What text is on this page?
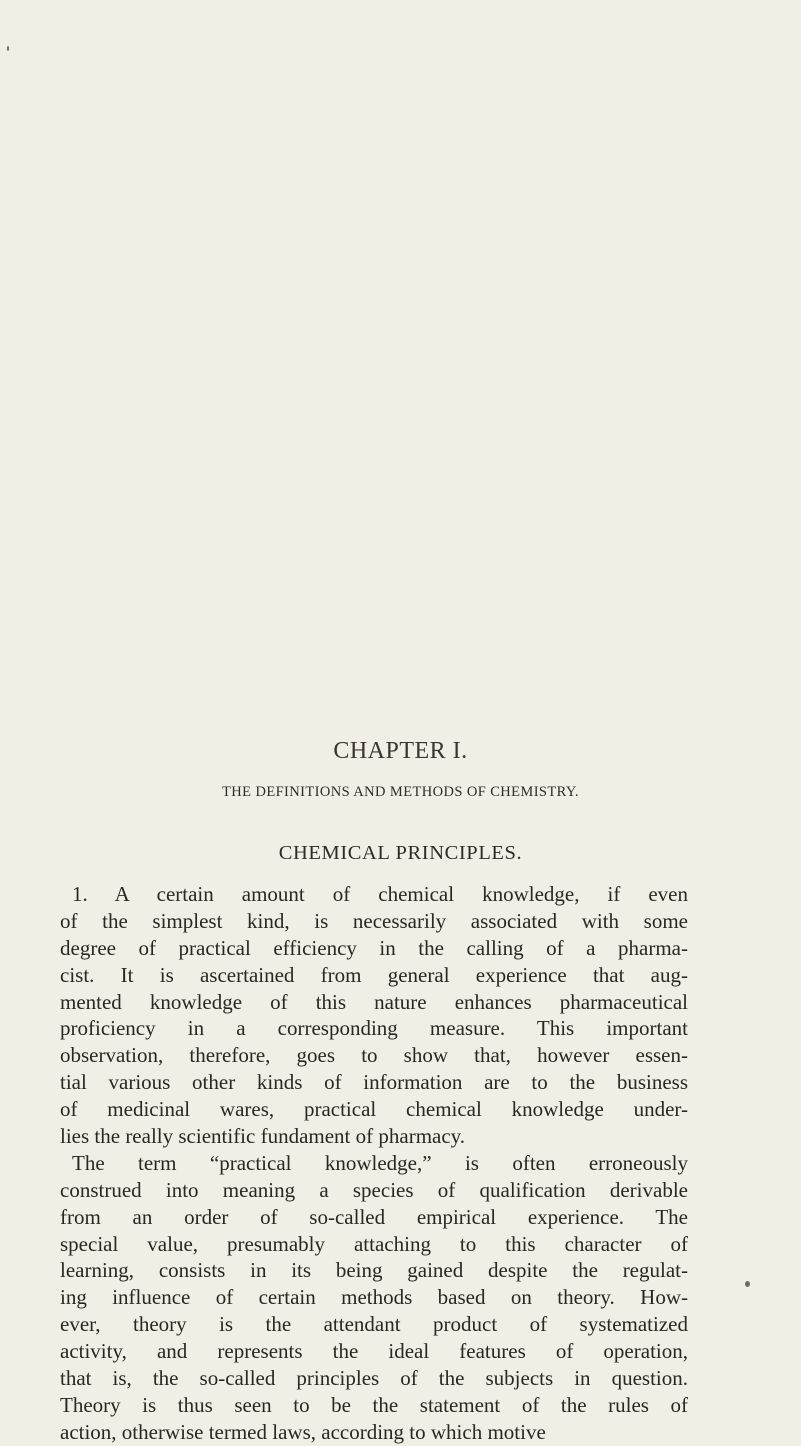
CHAPTER I.
THE DEFINITIONS AND METHODS OF CHEMISTRY.
CHEMICAL PRINCIPLES.
1. A certain amount of chemical knowledge, if even
of the simplest kind, is necessarily associated with some
degree of practical efficiency in the calling of a pharma-
cist. It is ascertained from general experience that aug-
mented knowledge of this nature enhances pharmaceutical
proficiency in a corresponding measure. This important
observation, therefore, goes to show that, however essen-
tial various other kinds of information are to the business
of medicinal wares, practical chemical knowledge under-
lies the really scientific fundament of pharmacy.
The term “practical knowledge,” is often erroneously
construed into meaning a species of qualification derivable
from an order of so-called empirical experience. The
special value, presumably attaching to this character of
learning, consists in its being gained despite the regulat-
ing influence of certain methods based on theory. How-
ever, theory is the attendant product of systematized
activity, and represents the ideal features of operation,
that is, the so-called principles of the subjects in question.
Theory is thus seen to be the statement of the rules of
action, otherwise termed laws, according to which motive
